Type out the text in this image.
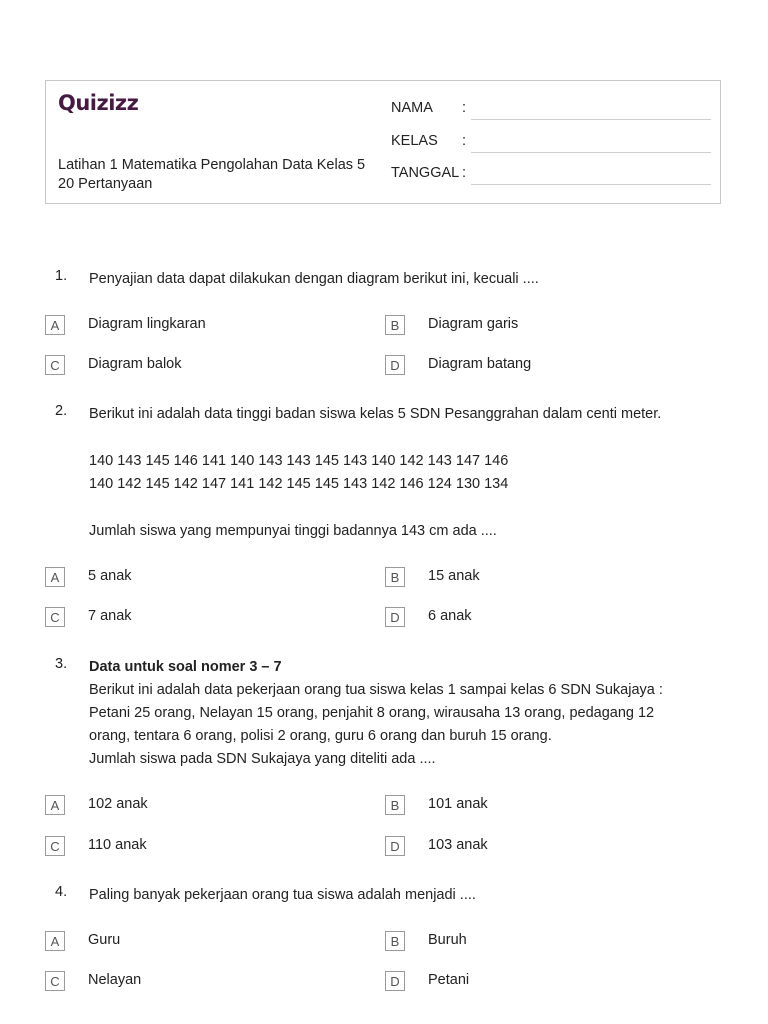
Quizizz
Latihan 1 Matematika Pengolahan Data Kelas 5
20 Pertanyaan
NAMA :
KELAS :
TANGGAL :
1. Penyajian data dapat dilakukan dengan diagram berikut ini, kecuali ....

A	Diagram lingkaran	B	Diagram garis
C	Diagram balok	D	Diagram batang
2. Berikut ini adalah data tinggi badan siswa kelas 5 SDN Pesanggrahan dalam centi meter.

140 143 145 146 141 140 143 143 145 143 140 142 143 147 146

140 142 145 142 147 141 142 145 145 143 142 146 124 130 134

Jumlah siswa yang mempunyai tinggi badannya 143 cm ada ....

A	5 anak	B	15 anak
C	7 anak	D	6 anak
3. Data untuk soal nomer 3 – 7

Berikut ini adalah data pekerjaan orang tua siswa kelas 1 sampai kelas 6 SDN Sukajaya :

Petani 25 orang, Nelayan 15 orang, penjahit 8 orang, wirausaha 13 orang, pedagang 12

orang, tentara 6 orang, polisi 2 orang, guru 6 orang dan buruh 15 orang.

Jumlah siswa pada SDN Sukajaya yang diteliti ada ....

A	102 anak	B	101 anak
C	110 anak	D	103 anak
4. Paling banyak pekerjaan orang tua siswa adalah menjadi ....

A	Guru	B	Buruh
C	Nelayan	D	Petani
